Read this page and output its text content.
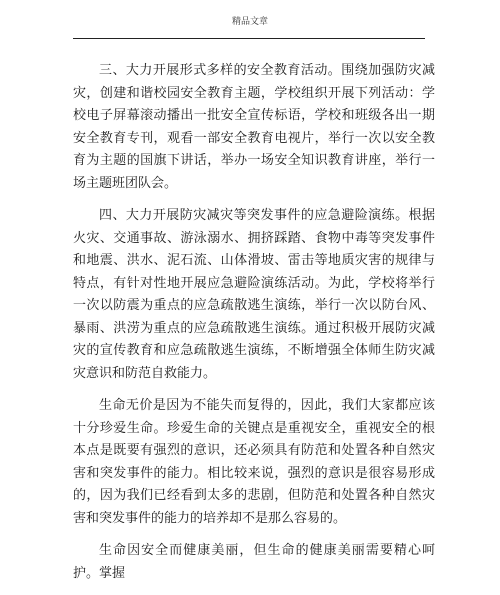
精品文章

三、大力开展形式多样的安全教育活动。围绕加强防灾减灾，创建和谐校园安全教育主题，学校组织开展下列活动：学校电子屏幕滚动播出一批安全宣传标语，学校和班级各出一期安全教育专刊，观看一部安全教育电视片，举行一次以安全教育为主题的国旗下讲话，举办一场安全知识教育讲座，举行一场主题班团队会。

四、大力开展防灾减灾等突发事件的应急避险演练。根据火灾、交通事故、游泳溺水、拥挤踩踏、食物中毒等突发事件和地震、洪水、泥石流、山体滑坡、雷击等地质灾害的规律与特点，有针对性地开展应急避险演练活动。为此，学校将举行一次以防震为重点的应急疏散逃生演练，举行一次以防台风、暴雨、洪涝为重点的应急疏散逃生演练。通过积极开展防灾减灾的宣传教育和应急疏散逃生演练，不断增强全体师生防灾减灾意识和防范自救能力。

生命无价是因为不能失而复得的，因此，我们大家都应该十分珍爱生命。珍爱生命的关键点是重视安全，重视安全的根本点是既要有强烈的意识，还必须具有防范和处置各种自然灾害和突发事件的能力。相比较来说，强烈的意识是很容易形成的，因为我们已经看到太多的悲剧，但防范和处置各种自然灾害和突发事件的能力的培养却不是那么容易的。

生命因安全而健康美丽，但生命的健康美丽需要精心呵护。掌握
